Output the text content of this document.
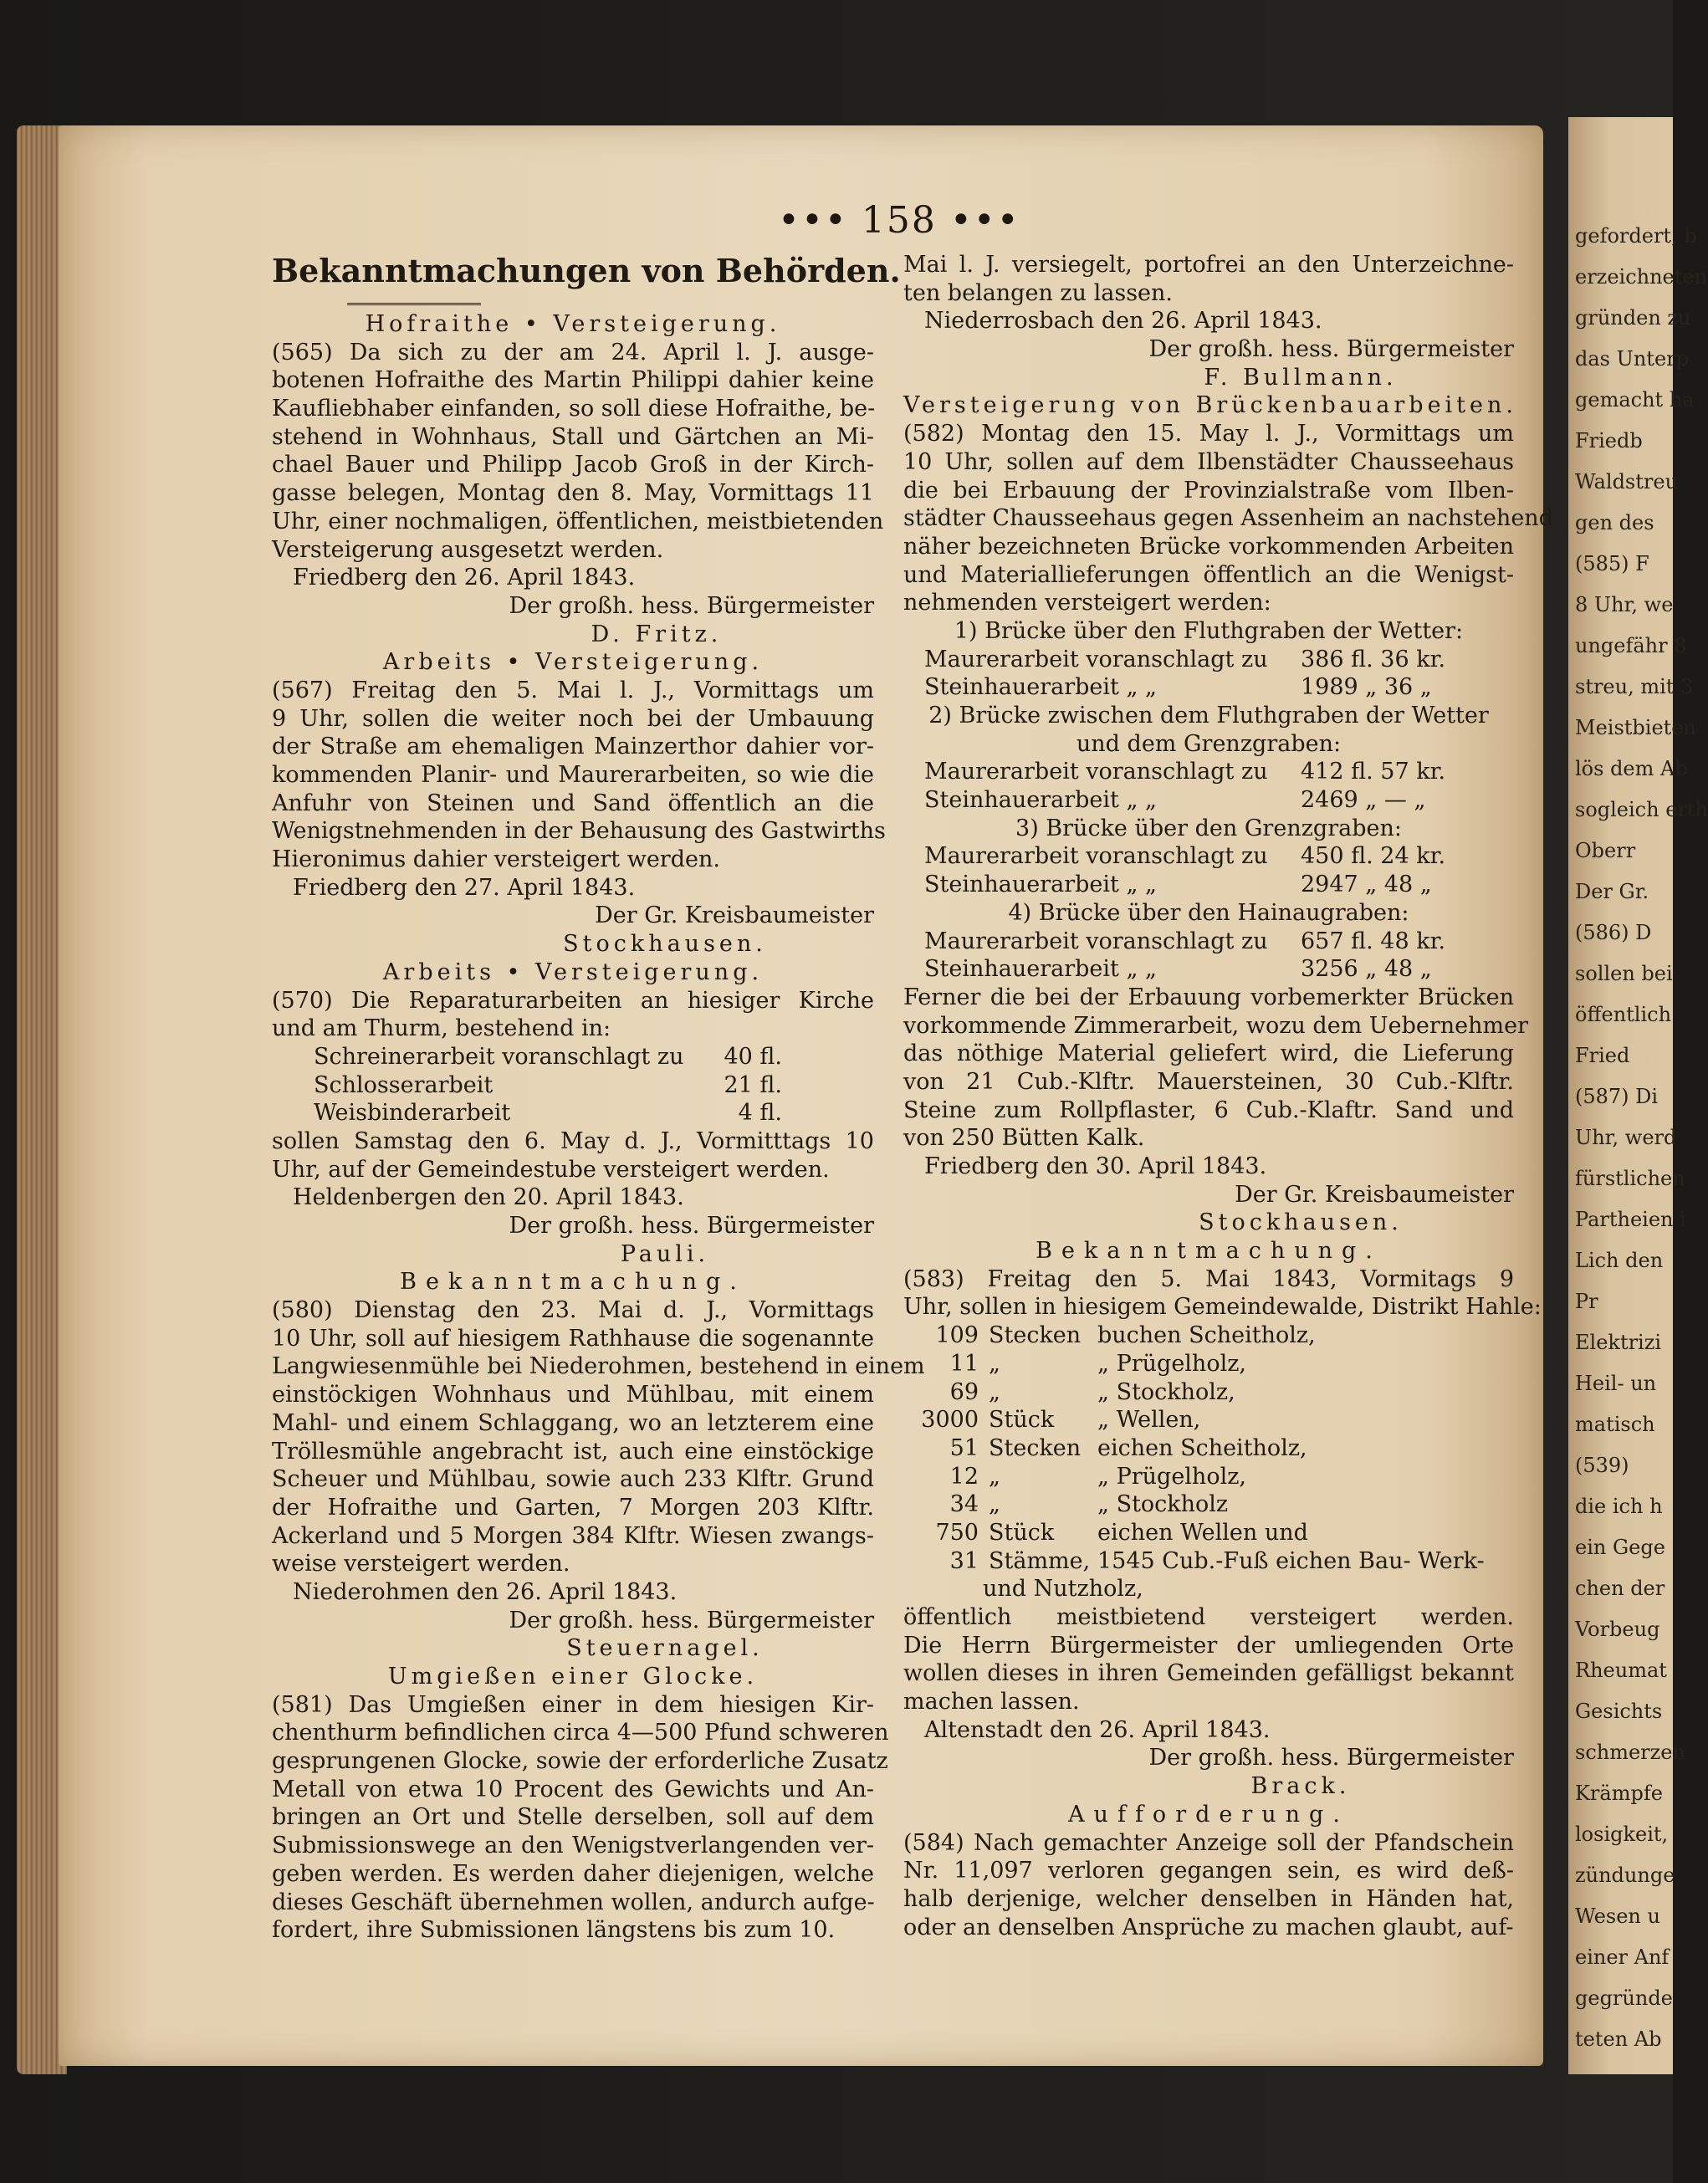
gefordert, b
erzeichneten
gründen zu
das Unterp
gemacht ha
Friedb
Waldstreu
gen des
(585) F
8 Uhr, we
ungefähr 8
streu, mit 3
Meistbieten
lös dem Ab
sogleich erth
Oberr
Der Gr.
(586) D
sollen bei
öffentlich
Fried
(587) Di
Uhr, werd
fürstlichen
Partheien i
Lich den
Pr
Elektrizi
Heil- un
matisch
(539)
die ich h
ein Gege
chen der
Vorbeug
Rheumat
Gesichts
schmerzen
Krämpfe
losigkeit,
zündunge
Wesen u
einer Anf
gegründe
teten Ab
••• 158 •••
Bekanntmachungen von Behörden.
Hofraithe • Versteigerung.
(565) Da sich zu der am 24. April l. J. ausge-
botenen Hofraithe des Martin Philippi dahier keine
Kaufliebhaber einfanden, so soll diese Hofraithe, be-
stehend in Wohnhaus, Stall und Gärtchen an Mi-
chael Bauer und Philipp Jacob Groß in der Kirch-
gasse belegen, Montag den 8. May, Vormittags 11
Uhr, einer nochmaligen, öffentlichen, meistbietenden
Versteigerung ausgesetzt werden.
Friedberg den 26. April 1843.
Der großh. hess. Bürgermeister
D. Fritz.
Arbeits • Versteigerung.
(567) Freitag den 5. Mai l. J., Vormittags um
9 Uhr, sollen die weiter noch bei der Umbauung
der Straße am ehemaligen Mainzerthor dahier vor-
kommenden Planir- und Maurerarbeiten, so wie die
Anfuhr von Steinen und Sand öffentlich an die
Wenigstnehmenden in der Behausung des Gastwirths
Hieronimus dahier versteigert werden.
Friedberg den 27. April 1843.
Der Gr. Kreisbaumeister
Stockhausen.
Arbeits • Versteigerung.
(570) Die Reparaturarbeiten an hiesiger Kirche
und am Thurm, bestehend in:
Schreinerarbeit voranschlagt zu	40 fl.
Schlosserarbeit	21 fl.
Weisbinderarbeit	4 fl.
sollen Samstag den 6. May d. J., Vormitttags 10
Uhr, auf der Gemeindestube versteigert werden.
Heldenbergen den 20. April 1843.
Der großh. hess. Bürgermeister
Pauli.
Bekanntmachung.
(580) Dienstag den 23. Mai d. J., Vormittags
10 Uhr, soll auf hiesigem Rathhause die sogenannte
Langwiesenmühle bei Niederohmen, bestehend in einem
einstöckigen Wohnhaus und Mühlbau, mit einem
Mahl- und einem Schlaggang, wo an letzterem eine
Tröllesmühle angebracht ist, auch eine einstöckige
Scheuer und Mühlbau, sowie auch 233 Klftr. Grund
der Hofraithe und Garten, 7 Morgen 203 Klftr.
Ackerland und 5 Morgen 384 Klftr. Wiesen zwangs-
weise versteigert werden.
Niederohmen den 26. April 1843.
Der großh. hess. Bürgermeister
Steuernagel.
Umgießen einer Glocke.
(581) Das Umgießen einer in dem hiesigen Kir-
chenthurm befindlichen circa 4—500 Pfund schweren
gesprungenen Glocke, sowie der erforderliche Zusatz
Metall von etwa 10 Procent des Gewichts und An-
bringen an Ort und Stelle derselben, soll auf dem
Submissionswege an den Wenigstverlangenden ver-
geben werden. Es werden daher diejenigen, welche
dieses Geschäft übernehmen wollen, andurch aufge-
fordert, ihre Submissionen längstens bis zum 10.
Mai l. J. versiegelt, portofrei an den Unterzeichne-
ten belangen zu lassen.
Niederrosbach den 26. April 1843.
Der großh. hess. Bürgermeister
F. Bullmann.
Versteigerung von Brückenbauarbeiten.
(582) Montag den 15. May l. J., Vormittags um
10 Uhr, sollen auf dem Ilbenstädter Chausseehaus
die bei Erbauung der Provinzialstraße vom Ilben-
städter Chausseehaus gegen Assenheim an nachstehend
näher bezeichneten Brücke vorkommenden Arbeiten
und Materiallieferungen öffentlich an die Wenigst-
nehmenden versteigert werden:
1) Brücke über den Fluthgraben der Wetter:
Maurerarbeit voranschlagt zu	386 fl. 36 kr.
Steinhauerarbeit „ „	1989 „ 36 „
2) Brücke zwischen dem Fluthgraben der Wetter
und dem Grenzgraben:
Maurerarbeit voranschlagt zu	412 fl. 57 kr.
Steinhauerarbeit „ „	2469 „ — „
3) Brücke über den Grenzgraben:
Maurerarbeit voranschlagt zu	450 fl. 24 kr.
Steinhauerarbeit „ „	2947 „ 48 „
4) Brücke über den Hainaugraben:
Maurerarbeit voranschlagt zu	657 fl. 48 kr.
Steinhauerarbeit „ „	3256 „ 48 „
Ferner die bei der Erbauung vorbemerkter Brücken
vorkommende Zimmerarbeit, wozu dem Uebernehmer
das nöthige Material geliefert wird, die Lieferung
von 21 Cub.-Klftr. Mauersteinen, 30 Cub.-Klftr.
Steine zum Rollpflaster, 6 Cub.-Klaftr. Sand und
von 250 Bütten Kalk.
Friedberg den 30. April 1843.
Der Gr. Kreisbaumeister
Stockhausen.
Bekanntmachung.
(583) Freitag den 5. Mai 1843, Vormitags 9
Uhr, sollen in hiesigem Gemeindewalde, Distrikt Hahle:
109 Stecken buchen Scheitholz,
11 „	„ Prügelholz,
69 „	„ Stockholz,
3000 Stück	„ Wellen,
51 Stecken eichen Scheitholz,
12 „	„ Prügelholz,
34 „	„ Stockholz
750 Stück	eichen Wellen und
31 Stämme, 1545 Cub.-Fuß eichen Bau- Werk-
und Nutzholz,
öffentlich meistbietend versteigert werden.
Die Herrn Bürgermeister der umliegenden Orte
wollen dieses in ihren Gemeinden gefälligst bekannt
machen lassen.
Altenstadt den 26. April 1843.
Der großh. hess. Bürgermeister
Brack.
Aufforderung.
(584) Nach gemachter Anzeige soll der Pfandschein
Nr. 11,097 verloren gegangen sein, es wird deß-
halb derjenige, welcher denselben in Händen hat,
oder an denselben Ansprüche zu machen glaubt, auf-
